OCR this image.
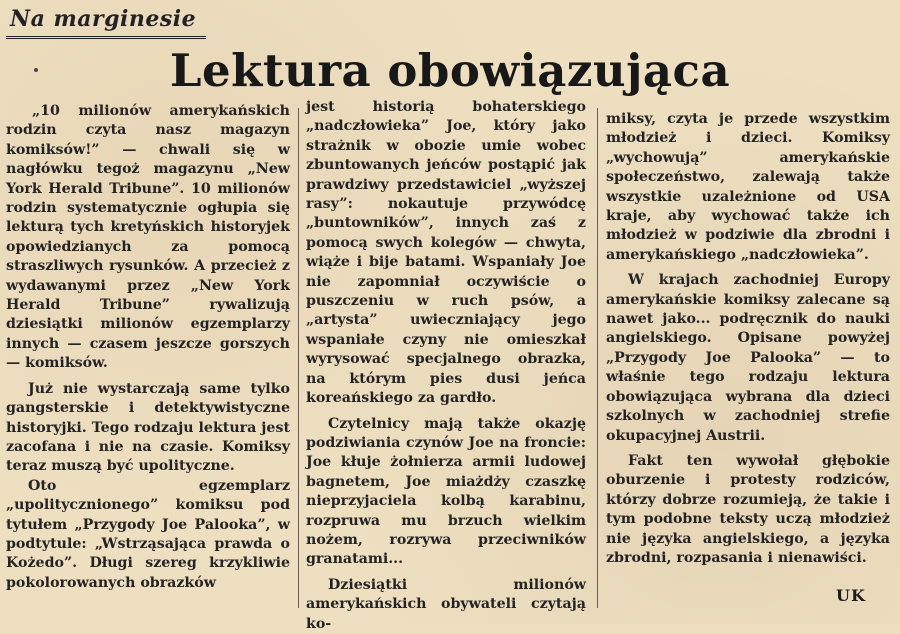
Na marginesie
Lektura obowiązująca

„10 milionów amerykańskich rodzin czyta nasz magazyn komiksów!” — chwali się w nagłówku tegoż magazynu „New York Herald Tribune”. 10 milionów rodzin systematycznie ogłupia się lekturą tych kretyńskich historyjek opowiedzianych za pomocą straszliwych rysunków. A przecież z wydawanymi przez „New York Herald Tribune” rywalizują dziesiątki milionów egzemplarzy innych — czasem jeszcze gorszych — komiksów.

Już nie wystarczają same tylko gangsterskie i detektywistyczne historyjki. Tego rodzaju lektura jest zacofana i nie na czasie. Komiksy teraz muszą być upolityczne.

Oto egzemplarz „upolitycznionego” komiksu pod tytułem „Przygody Joe Palooka”, w podtytule: „Wstrząsająca prawda o Kożedo”. Długi szereg krzykliwie pokolorowanych obrazków

jest historią bohaterskiego „nadczłowieka” Joe, który jako strażnik w obozie umie wobec zbuntowanych jeńców postąpić jak prawdziwy przedstawiciel „wyższej rasy”: nokautuje przywódcę „buntowników”, innych zaś z pomocą swych kolegów — chwyta, wiąże i bije batami. Wspaniały Joe nie zapomniał oczywiście o puszczeniu w ruch psów, a „artysta” uwieczniający jego wspaniałe czyny nie omieszkał wyrysować specjalnego obrazka, na którym pies dusi jeńca koreańskiego za gardło.

Czytelnicy mają także okazję podziwiania czynów Joe na froncie: Joe kłuje żołnierza armii ludowej bagnetem, Joe miażdży czaszkę nieprzyjaciela kolbą karabinu, rozpruwa mu brzuch wielkim nożem, rozrywa przeciwników granatami...

Dziesiątki milionów amerykańskich obywateli czytają ko-

miksy, czyta je przede wszystkim młodzież i dzieci. Komiksy „wychowują” amerykańskie społeczeństwo, zalewają także wszystkie uzależnione od USA kraje, aby wychować także ich młodzież w podziwie dla zbrodni i amerykańskiego „nadczłowieka”.

W krajach zachodniej Europy amerykańskie komiksy zalecane są nawet jako... podręcznik do nauki angielskiego. Opisane powyżej „Przygody Joe Palooka” — to właśnie tego rodzaju lektura obowiązująca wybrana dla dzieci szkolnych w zachodniej strefie okupacyjnej Austrii.

Fakt ten wywołał głębokie oburzenie i protesty rodziców, którzy dobrze rozumieją, że takie i tym podobne teksty uczą młodzież nie języka angielskiego, a języka zbrodni, rozpasania i nienawiści.

UK
